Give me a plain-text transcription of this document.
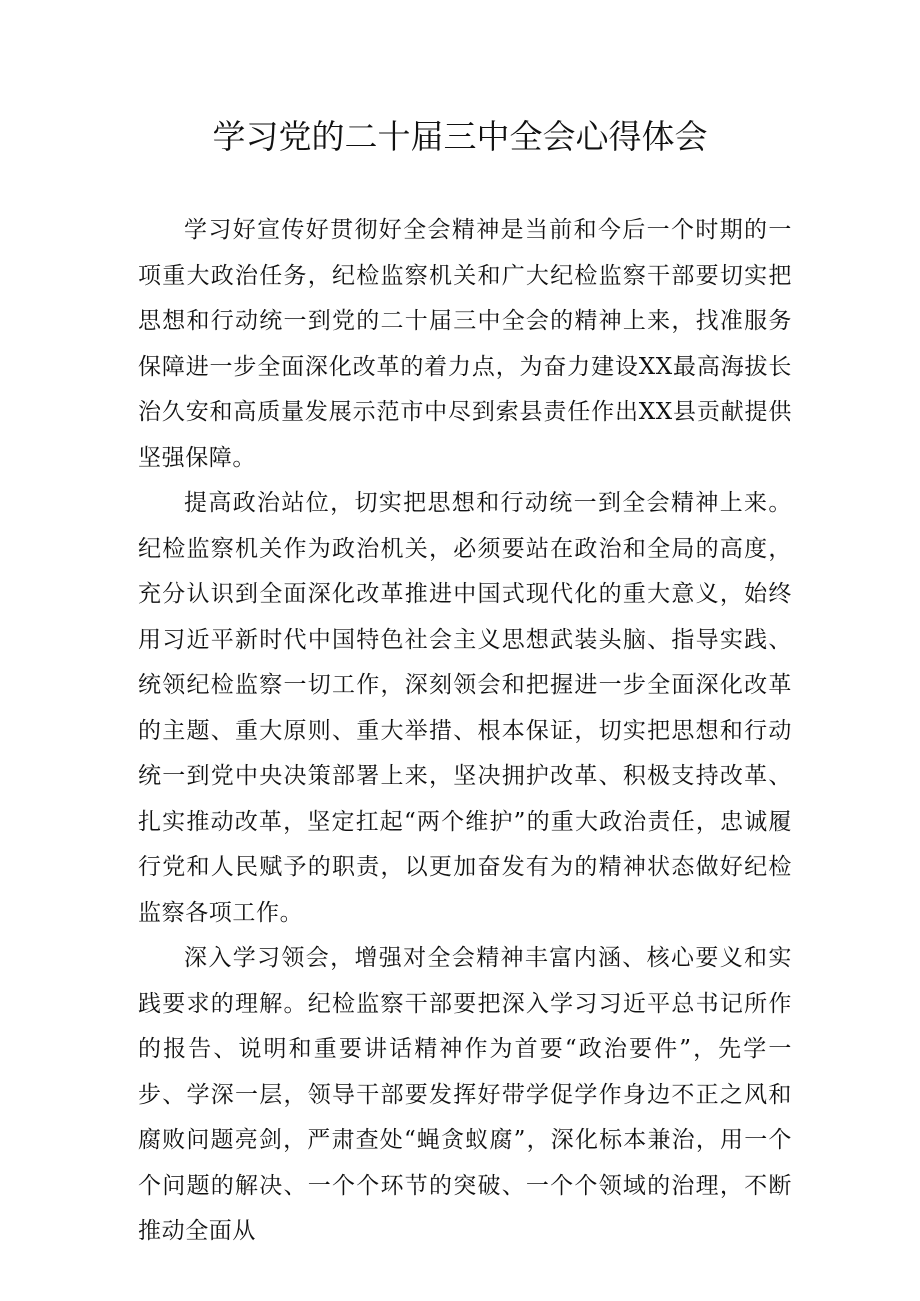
学习党的二十届三中全会心得体会

学习好宣传好贯彻好全会精神是当前和今后一个时期的一项重大政治任务，纪检监察机关和广大纪检监察干部要切实把思想和行动统一到党的二十届三中全会的精神上来，找准服务保障进一步全面深化改革的着力点，为奋力建设XX最高海拔长治久安和高质量发展示范市中尽到索县责任作出XX县贡献提供坚强保障。

提高政治站位，切实把思想和行动统一到全会精神上来。纪检监察机关作为政治机关，必须要站在政治和全局的高度，充分认识到全面深化改革推进中国式现代化的重大意义，始终用习近平新时代中国特色社会主义思想武装头脑、指导实践、统领纪检监察一切工作，深刻领会和把握进一步全面深化改革的主题、重大原则、重大举措、根本保证，切实把思想和行动统一到党中央决策部署上来，坚决拥护改革、积极支持改革、扎实推动改革，坚定扛起“两个维护”的重大政治责任，忠诚履行党和人民赋予的职责，以更加奋发有为的精神状态做好纪检监察各项工作。

深入学习领会，增强对全会精神丰富内涵、核心要义和实践要求的理解。纪检监察干部要把深入学习习近平总书记所作的报告、说明和重要讲话精神作为首要“政治要件”，先学一步、学深一层，领导干部要发挥好带学促学作身边不正之风和腐败问题亮剑，严肃查处“蝇贪蚁腐”，深化标本兼治，用一个个问题的解决、一个个环节的突破、一个个领域的治理，不断推动全面从
